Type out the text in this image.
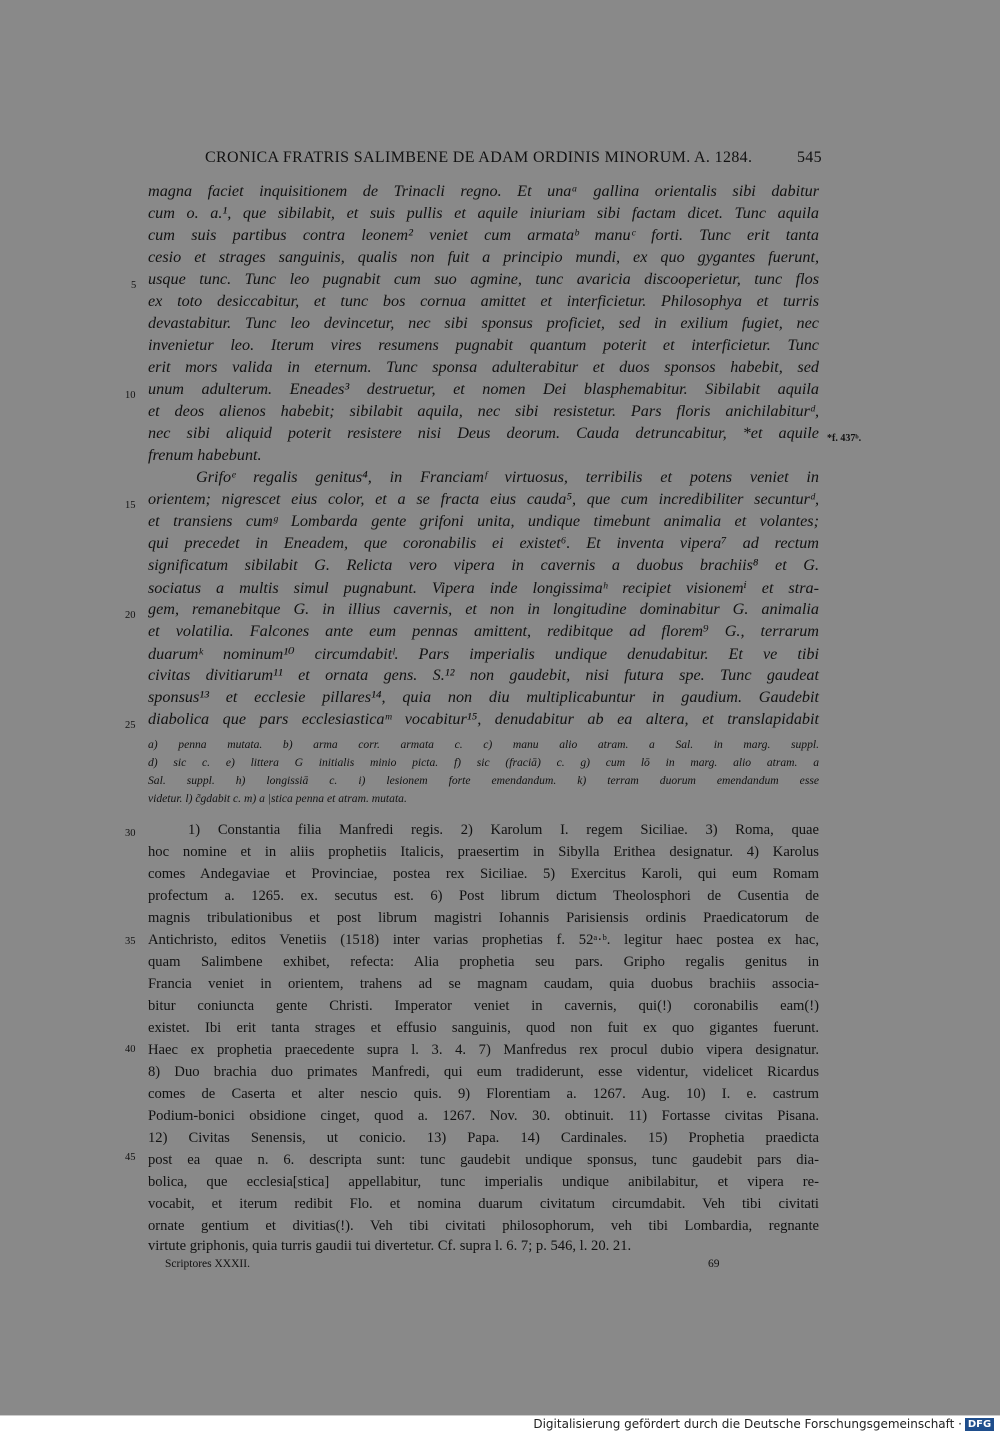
CRONICA FRATRIS SALIMBENE DE ADAM ORDINIS MINORUM. A. 1284.	545
magna faciet inquisitionem de Trinacli regno. Et unaᵃ gallina orientalis sibi dabitur
cum o. a.¹, que sibilabit, et suis pullis et aquile iniuriam sibi factam dicet. Tunc aquila
cum suis partibus contra leonem² veniet cum armataᵇ manuᶜ forti. Tunc erit tanta
cesio et strages sanguinis, qualis non fuit a principio mundi, ex quo gygantes fuerunt,
usque tunc. Tunc leo pugnabit cum suo agmine, tunc avaricia discooperietur, tunc flos
ex toto desiccabitur, et tunc bos cornua amittet et interficietur. Philosophya et turris
devastabitur. Tunc leo devincetur, nec sibi sponsus proficiet, sed in exilium fugiet, nec
invenietur leo. Iterum vires resumens pugnabit quantum poterit et interficietur. Tunc
erit mors valida in eternum. Tunc sponsa adulterabitur et duos sponsos habebit, sed
unum adulterum. Eneades³ destruetur, et nomen Dei blasphemabitur. Sibilabit aquila
et deos alienos habebit; sibilabit aquila, nec sibi resistetur. Pars floris anichilabiturᵈ,
nec sibi aliquid poterit resistere nisi Deus deorum. Cauda detruncabitur, *et aquile
frenum habebunt.
Grifoᵉ regalis genitus⁴, in Franciamᶠ virtuosus, terribilis et potens veniet in
orientem; nigrescet eius color, et a se fracta eius cauda⁵, que cum incredibiliter secunturᵈ,
et transiens cumᵍ Lombarda gente grifoni unita, undique timebunt animalia et volantes;
qui precedet in Eneadem, que coronabilis ei existet⁶. Et inventa vipera⁷ ad rectum
significatum sibilabit G. Relicta vero vipera in cavernis a duobus brachiis⁸ et G.
sociatus a multis simul pugnabunt. Vipera inde longissimaʰ recipiet visionemⁱ et stra-
gem, remanebitque G. in illius cavernis, et non in longitudine dominabitur G. animalia
et volatilia. Falcones ante eum pennas amittent, redibitque ad florem⁹ G., terrarum
duarumᵏ nominum¹⁰ circumdabitˡ. Pars imperialis undique denudabitur. Et ve tibi
civitas divitiarum¹¹ et ornata gens. S.¹² non gaudebit, nisi futura spe. Tunc gaudeat
sponsus¹³ et ecclesie pillares¹⁴, quia non diu multiplicabuntur in gaudium. Gaudebit
diabolica que pars ecclesiasticaᵐ vocabitur¹⁵, denudabitur ab ea altera, et translapidabit
5
10
15
20
25
30
35
40
45
*f. 437ᵇ.
a) penna mutata. b) arma corr. armata c. c) manu alio atram. a Sal. in marg. suppl.
d) sic c. e) littera G initialis minio picta. f) sic (fraciā) c. g) cum lō in marg. alio atram. a
Sal. suppl. h) longissiā c. i) lesionem forte emendandum. k) terram duorum emendandum esse
videtur. l) c̃gdabit c. m) a |stica penna et atram. mutata.
1) Constantia filia Manfredi regis. 2) Karolum I. regem Siciliae. 3) Roma, quae
hoc nomine et in aliis prophetiis Italicis, praesertim in Sibylla Erithea designatur. 4) Karolus
comes Andegaviae et Provinciae, postea rex Siciliae. 5) Exercitus Karoli, qui eum Romam
profectum a. 1265. ex. secutus est. 6) Post librum dictum Theolosphori de Cusentia de
magnis tribulationibus et post librum magistri Iohannis Parisiensis ordinis Praedicatorum de
Antichristo, editos Venetiis (1518) inter varias prophetias f. 52ᵃ·ᵇ. legitur haec postea ex hac,
quam Salimbene exhibet, refecta: Alia prophetia seu pars. Gripho regalis genitus in
Francia veniet in orientem, trahens ad se magnam caudam, quia duobus brachiis associa-
bitur coniuncta gente Christi. Imperator veniet in cavernis, qui(!) coronabilis eam(!)
existet. Ibi erit tanta strages et effusio sanguinis, quod non fuit ex quo gigantes fuerunt.
Haec ex prophetia praecedente supra l. 3. 4. 7) Manfredus rex procul dubio vipera designatur.
8) Duo brachia duo primates Manfredi, qui eum tradiderunt, esse videntur, videlicet Ricardus
comes de Caserta et alter nescio quis. 9) Florentiam a. 1267. Aug. 10) I. e. castrum
Podium-bonici obsidione cinget, quod a. 1267. Nov. 30. obtinuit. 11) Fortasse civitas Pisana.
12) Civitas Senensis, ut conicio. 13) Papa. 14) Cardinales. 15) Prophetia praedicta
post ea quae n. 6. descripta sunt: tunc gaudebit undique sponsus, tunc gaudebit pars dia-
bolica, que ecclesia[stica] appellabitur, tunc imperialis undique anibilabitur, et vipera re-
vocabit, et iterum redibit Flo. et nomina duarum civitatum circumdabit. Veh tibi civitati
ornate gentium et divitias(!). Veh tibi civitati philosophorum, veh tibi Lombardia, regnante
virtute griphonis, quia turris gaudii tui divertetur. Cf. supra l. 6. 7; p. 546, l. 20. 21.
Scriptores XXXII.	69
Digitalisierung gefördert durch die Deutsche Forschungsgemeinschaft · DFG
